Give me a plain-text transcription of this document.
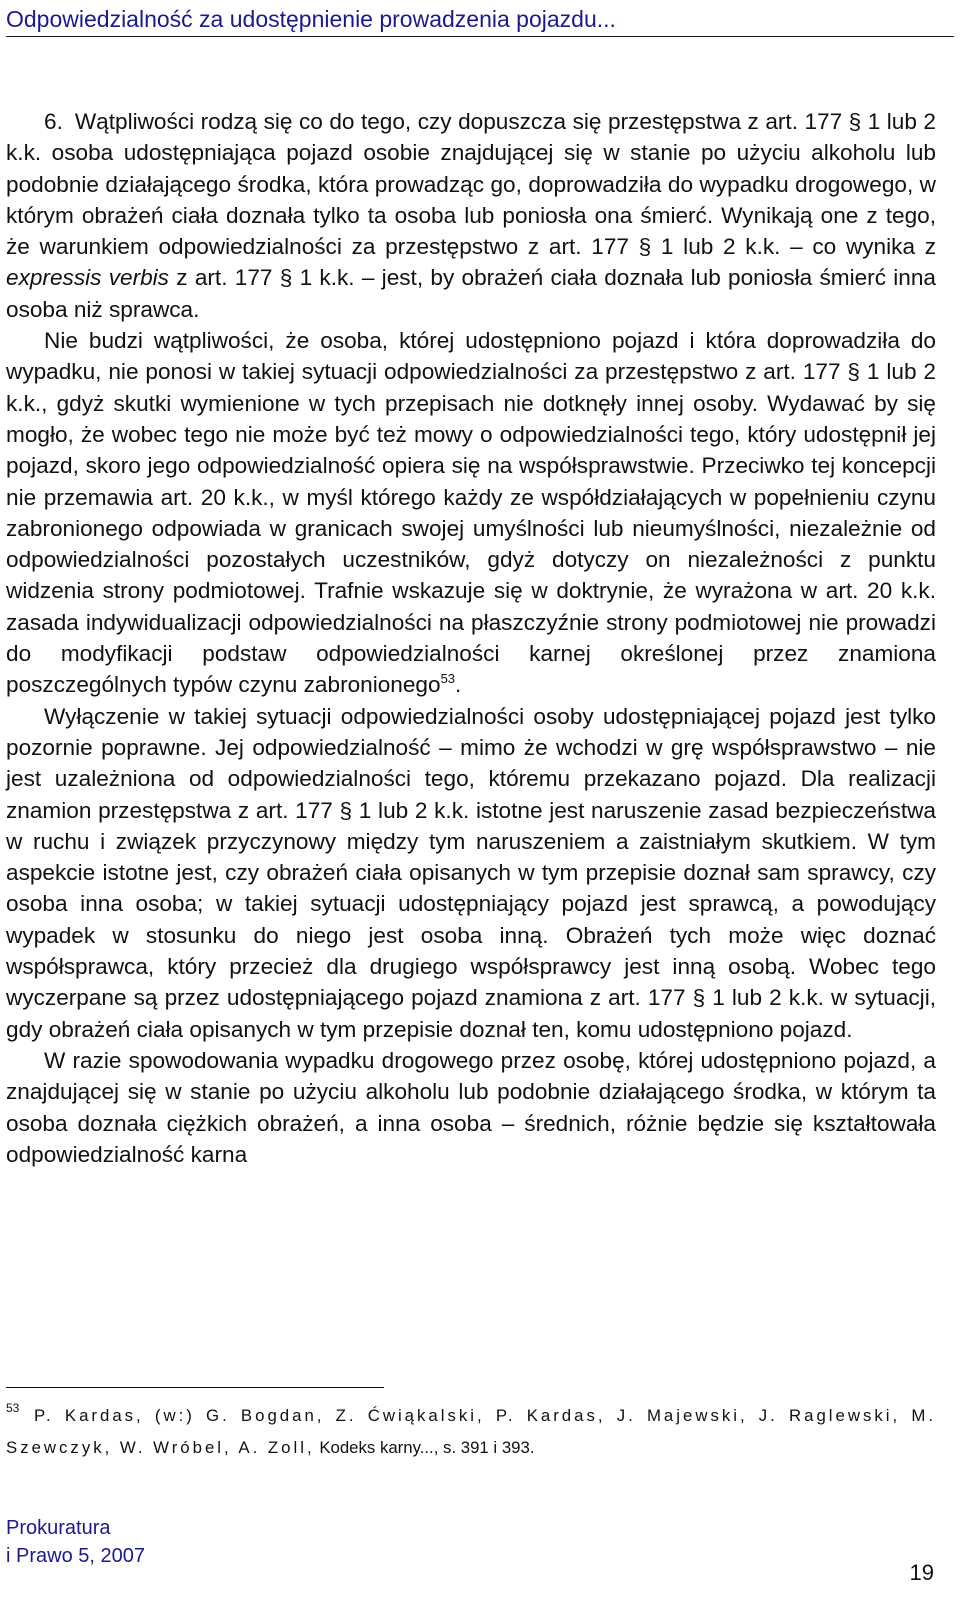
Odpowiedzialność za udostępnienie prowadzenia pojazdu...

6. Wątpliwości rodzą się co do tego, czy dopuszcza się przestępstwa z art. 177 § 1 lub 2 k.k. osoba udostępniająca pojazd osobie znajdującej się w stanie po użyciu alkoholu lub podobnie działającego środka, która prowadząc go, doprowadziła do wypadku drogowego, w którym obrażeń ciała doznała tylko ta osoba lub poniosła ona śmierć. Wynikają one z tego, że warunkiem odpowiedzialności za przestępstwo z art. 177 § 1 lub 2 k.k. – co wynika z expressis verbis z art. 177 § 1 k.k. – jest, by obrażeń ciała doznała lub poniosła śmierć inna osoba niż sprawca.

Nie budzi wątpliwości, że osoba, której udostępniono pojazd i która doprowadziła do wypadku, nie ponosi w takiej sytuacji odpowiedzialności za przestępstwo z art. 177 § 1 lub 2 k.k., gdyż skutki wymienione w tych przepisach nie dotknęły innej osoby. Wydawać by się mogło, że wobec tego nie może być też mowy o odpowiedzialności tego, który udostępnił jej pojazd, skoro jego odpowiedzialność opiera się na współsprawstwie. Przeciwko tej koncepcji nie przemawia art. 20 k.k., w myśl którego każdy ze współdziałających w popełnieniu czynu zabronionego odpowiada w granicach swojej umyślności lub nieumyślności, niezależnie od odpowiedzialności pozostałych uczestników, gdyż dotyczy on niezależności z punktu widzenia strony podmiotowej. Trafnie wskazuje się w doktrynie, że wyrażona w art. 20 k.k. zasada indywidualizacji odpowiedzialności na płaszczyźnie strony podmiotowej nie prowadzi do modyfikacji podstaw odpowiedzialności karnej określonej przez znamiona poszczególnych typów czynu zabronionego$^{53}$.

Wyłączenie w takiej sytuacji odpowiedzialności osoby udostępniającej pojazd jest tylko pozornie poprawne. Jej odpowiedzialność – mimo że wchodzi w grę współsprawstwo – nie jest uzależniona od odpowiedzialności tego, któremu przekazano pojazd. Dla realizacji znamion przestępstwa z art. 177 § 1 lub 2 k.k. istotne jest naruszenie zasad bezpieczeństwa w ruchu i związek przyczynowy między tym naruszeniem a zaistniałym skutkiem. W tym aspekcie istotne jest, czy obrażeń ciała opisanych w tym przepisie doznał sam sprawcy, czy osoba inna osoba; w takiej sytuacji udostępniający pojazd jest sprawcą, a powodujący wypadek w stosunku do niego jest osoba inną. Obrażeń tych może więc doznać współsprawca, który przecież dla drugiego współsprawcy jest inną osobą. Wobec tego wyczerpane są przez udostępniającego pojazd znamiona z art. 177 § 1 lub 2 k.k. w sytuacji, gdy obrażeń ciała opisanych w tym przepisie doznał ten, komu udostępniono pojazd.

W razie spowodowania wypadku drogowego przez osobę, której udostępniono pojazd, a znajdującej się w stanie po użyciu alkoholu lub podobnie działającego środka, w którym ta osoba doznała ciężkich obrażeń, a inna osoba – średnich, różnie będzie się kształtowała odpowiedzialność karna

53 P. Kardas, (w:) G. Bogdan, Z. Ćwiąkalski, P. Kardas, J. Majewski, J. Raglewski, M. Szewczyk, W. Wróbel, A. Zoll, Kodeks karny..., s. 391 i 393.
Prokuratura
i Prawo 5, 2007
19
